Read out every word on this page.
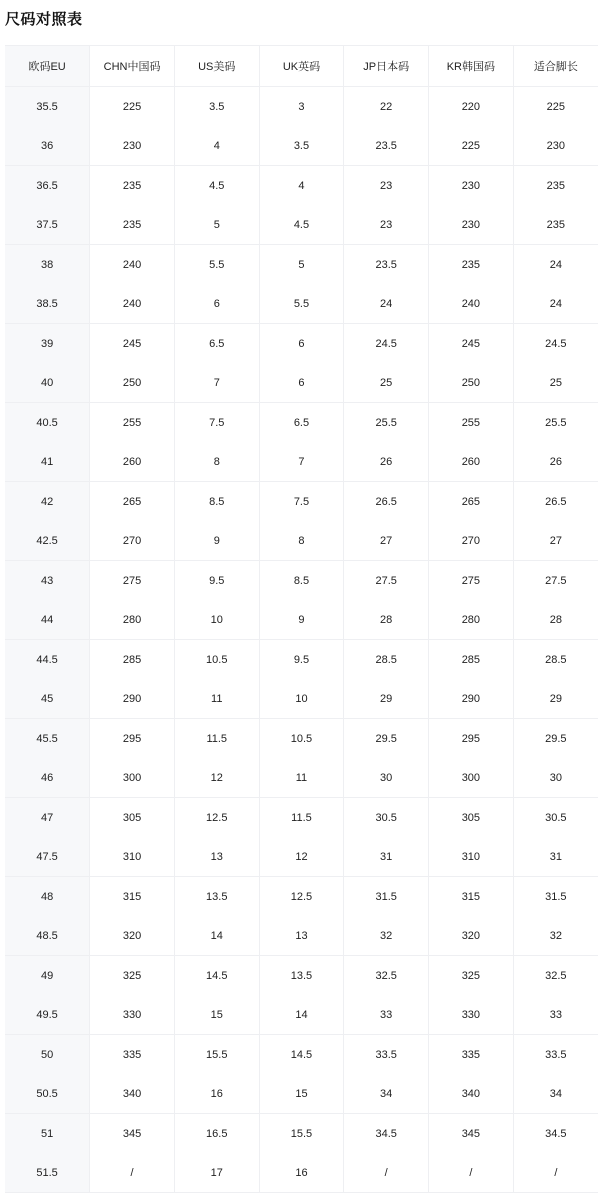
尺码对照表
欧码EU	CHN中国码	US美码	UK英码	JP日本码	KR韩国码	适合脚长
35.5	225	3.5	3	22	220	225
36	230	4	3.5	23.5	225	230
36.5	235	4.5	4	23	230	235
37.5	235	5	4.5	23	230	235
38	240	5.5	5	23.5	235	24
38.5	240	6	5.5	24	240	24
39	245	6.5	6	24.5	245	24.5
40	250	7	6	25	250	25
40.5	255	7.5	6.5	25.5	255	25.5
41	260	8	7	26	260	26
42	265	8.5	7.5	26.5	265	26.5
42.5	270	9	8	27	270	27
43	275	9.5	8.5	27.5	275	27.5
44	280	10	9	28	280	28
44.5	285	10.5	9.5	28.5	285	28.5
45	290	11	10	29	290	29
45.5	295	11.5	10.5	29.5	295	29.5
46	300	12	11	30	300	30
47	305	12.5	11.5	30.5	305	30.5
47.5	310	13	12	31	310	31
48	315	13.5	12.5	31.5	315	31.5
48.5	320	14	13	32	320	32
49	325	14.5	13.5	32.5	325	32.5
49.5	330	15	14	33	330	33
50	335	15.5	14.5	33.5	335	33.5
50.5	340	16	15	34	340	34
51	345	16.5	15.5	34.5	345	34.5
51.5	/	17	16	/	/	/
